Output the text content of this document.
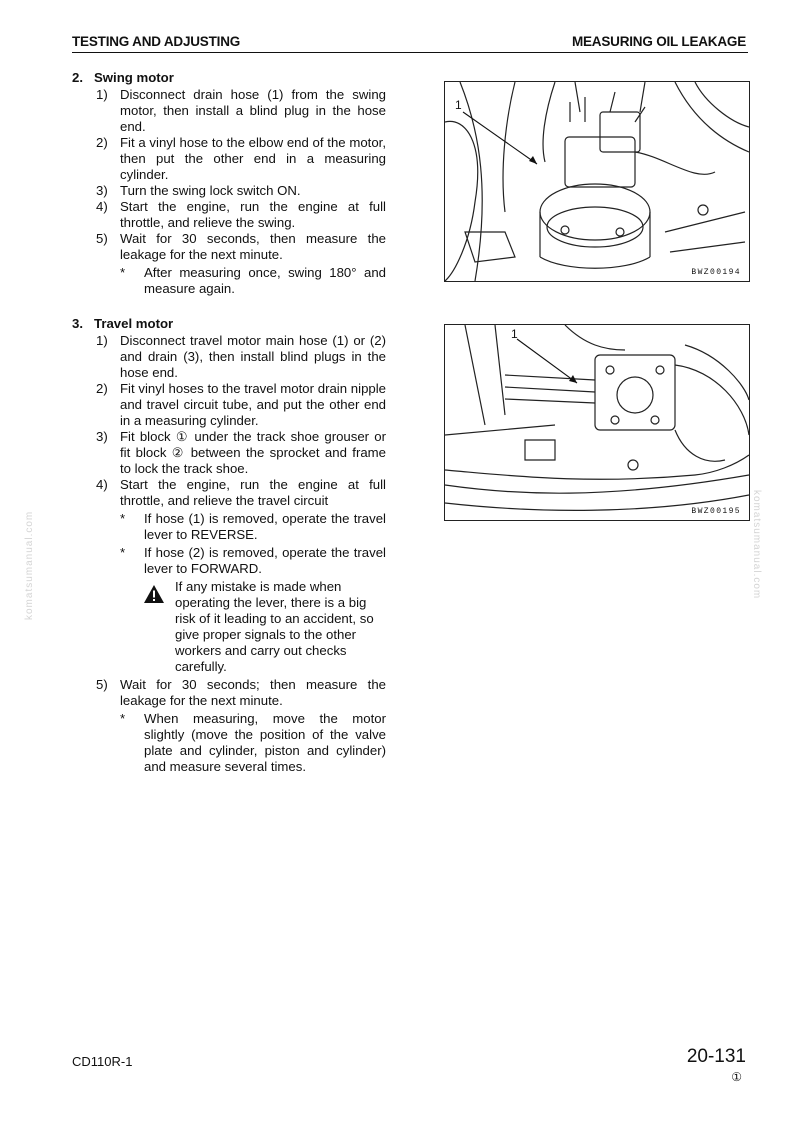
TESTING AND ADJUSTING	MEASURING OIL LEAKAGE
2. Swing motor
1) Disconnect drain hose (1) from the swing motor, then install a blind plug in the hose end.
2) Fit a vinyl hose to the elbow end of the motor, then put the other end in a measuring cylinder.
3) Turn the swing lock switch ON.
4) Start the engine, run the engine at full throttle, and relieve the swing.
5) Wait for 30 seconds, then measure the leakage for the next minute.
* After measuring once, swing 180° and measure again.
3. Travel motor
1) Disconnect travel motor main hose (1) or (2) and drain (3), then install blind plugs in the hose end.
2) Fit vinyl hoses to the travel motor drain nipple and travel circuit tube, and put the other end in a measuring cylinder.
3) Fit block ① under the track shoe grouser or fit block ② between the sprocket and frame to lock the track shoe.
4) Start the engine, run the engine at full throttle, and relieve the travel circuit
* If hose (1) is removed, operate the travel lever to REVERSE.
* If hose (2) is removed, operate the travel lever to FORWARD.
If any mistake is made when operating the lever, there is a big risk of it leading to an accident, so give proper signals to the other workers and carry out checks carefully.
5) Wait for 30 seconds; then measure the leakage for the next minute.
* When measuring, move the motor slightly (move the position of the valve plate and cylinder, piston and cylinder) and measure several times.
1
BWZ00194
1
BWZ00195
komatsumanual.com	komatsumanual.com
CD110R-1	20-131
①
